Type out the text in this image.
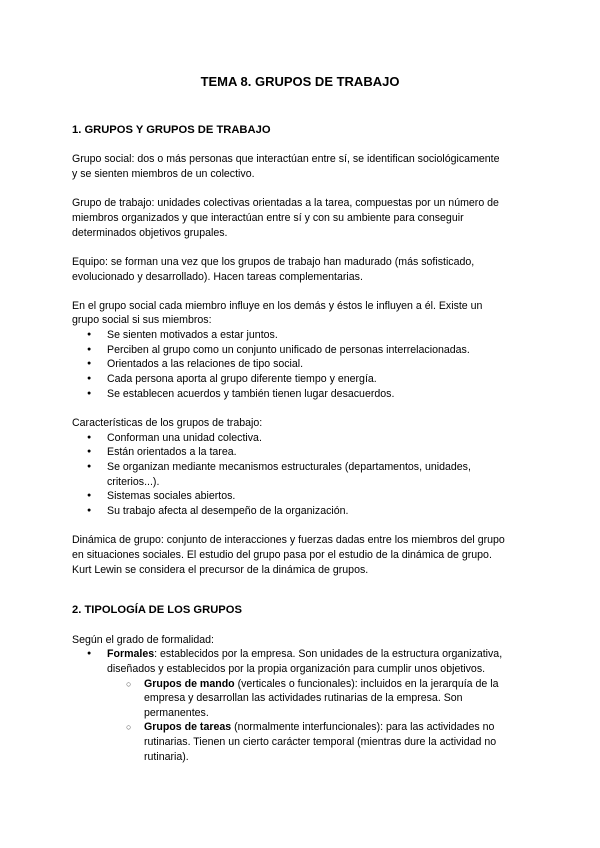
TEMA 8. GRUPOS DE TRABAJO
1. GRUPOS Y GRUPOS DE TRABAJO
Grupo social: dos o más personas que interactúan entre sí, se identifican sociológicamente
y se sienten miembros de un colectivo.
Grupo de trabajo: unidades colectivas orientadas a la tarea, compuestas por un número de
miembros organizados y que interactúan entre sí y con su ambiente para conseguir
determinados objetivos grupales.
Equipo: se forman una vez que los grupos de trabajo han madurado (más sofisticado,
evolucionado y desarrollado). Hacen tareas complementarias.
En el grupo social cada miembro influye en los demás y éstos le influyen a él. Existe un
grupo social si sus miembros:
● Se sienten motivados a estar juntos.
● Perciben al grupo como un conjunto unificado de personas interrelacionadas.
● Orientados a las relaciones de tipo social.
● Cada persona aporta al grupo diferente tiempo y energía.
● Se establecen acuerdos y también tienen lugar desacuerdos.
Características de los grupos de trabajo:
● Conforman una unidad colectiva.
● Están orientados a la tarea.
● Se organizan mediante mecanismos estructurales (departamentos, unidades,
criterios...).
● Sistemas sociales abiertos.
● Su trabajo afecta al desempeño de la organización.
Dinámica de grupo: conjunto de interacciones y fuerzas dadas entre los miembros del grupo
en situaciones sociales. El estudio del grupo pasa por el estudio de la dinámica de grupo.
Kurt Lewin se considera el precursor de la dinámica de grupos.
2. TIPOLOGÍA DE LOS GRUPOS
Según el grado de formalidad:
● Formales: establecidos por la empresa. Son unidades de la estructura organizativa,
diseñados y establecidos por la propia organización para cumplir unos objetivos.
○ Grupos de mando (verticales o funcionales): incluidos en la jerarquía de la
empresa y desarrollan las actividades rutinarias de la empresa. Son
permanentes.
○ Grupos de tareas (normalmente interfuncionales): para las actividades no
rutinarias. Tienen un cierto carácter temporal (mientras dure la actividad no
rutinaria).
